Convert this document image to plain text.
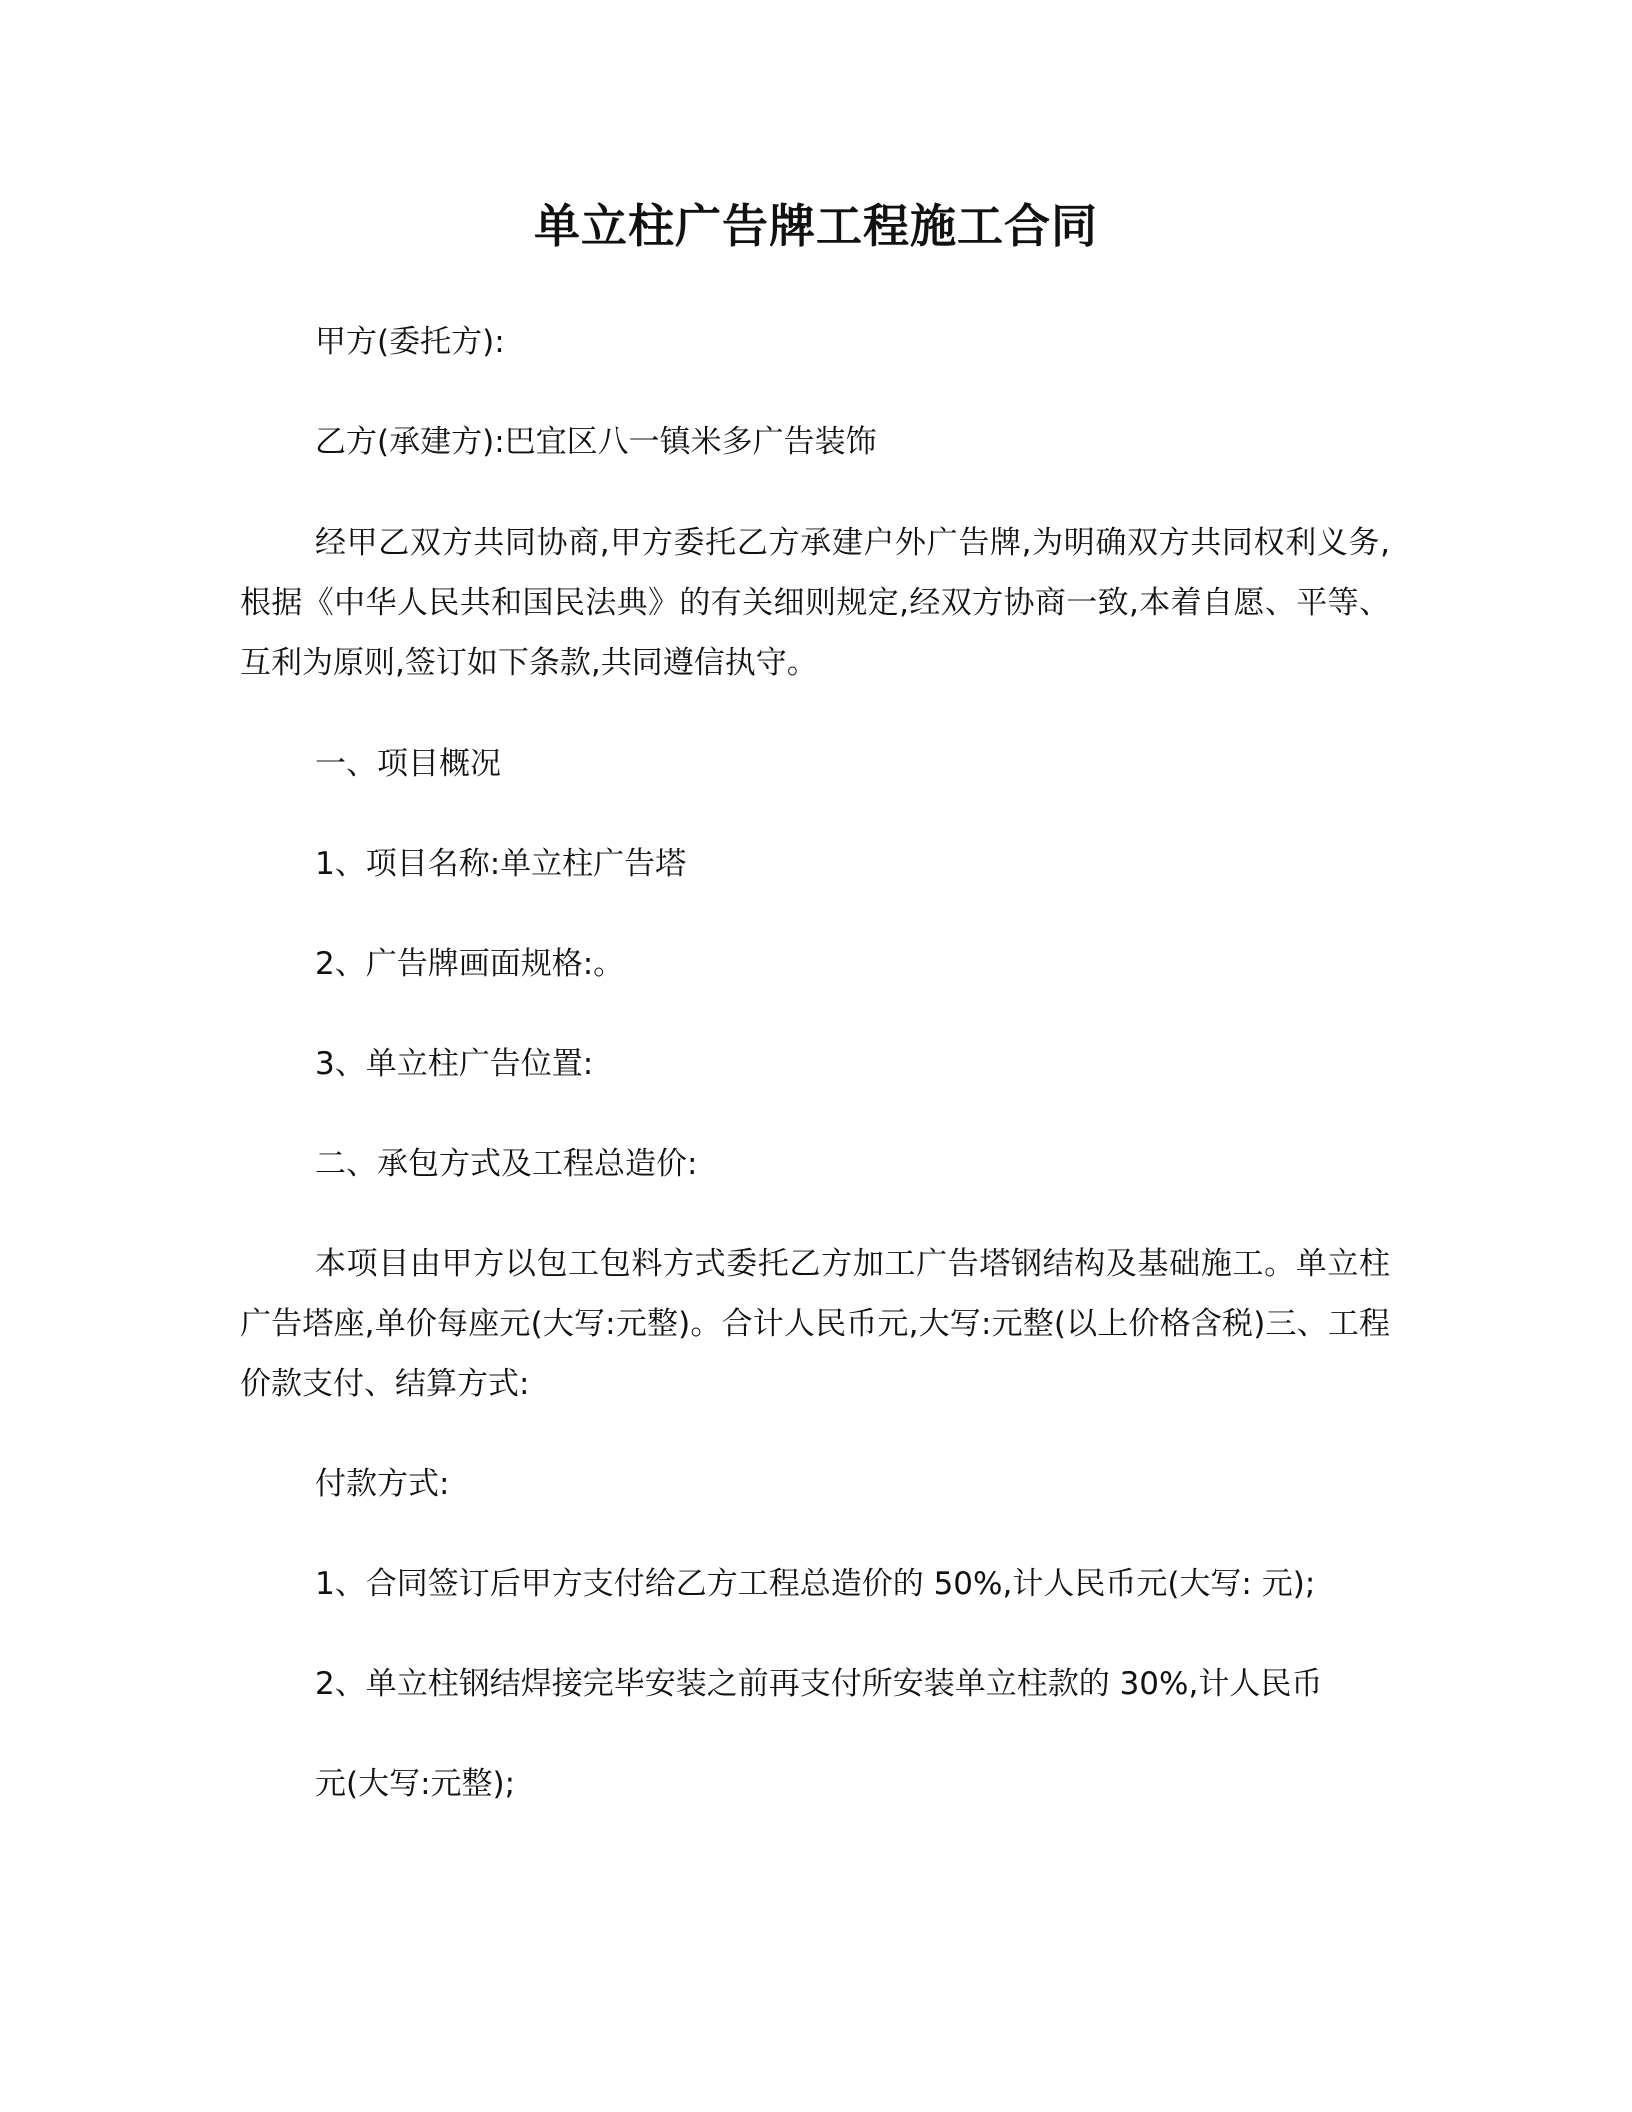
单立柱广告牌工程施工合同
甲方(委托方):
乙方(承建方):巴宜区八一镇米多广告装饰
经甲乙双方共同协商,甲方委托乙方承建户外广告牌,为明确双方共同权利义务,根据《中华人民共和国民法典》的有关细则规定,经双方协商一致,本着自愿、平等、互利为原则,签订如下条款,共同遵信执守。
一、项目概况
1、项目名称:单立柱广告塔
2、广告牌画面规格:。
3、单立柱广告位置:
二、承包方式及工程总造价:
本项目由甲方以包工包料方式委托乙方加工广告塔钢结构及基础施工。单立柱广告塔座,单价每座元(大写:元整)。合计人民币元,大写:元整(以上价格含税)三、工程价款支付、结算方式:
付款方式:
1、合同签订后甲方支付给乙方工程总造价的 50%,计人民币元(大写: 元);
2、单立柱钢结焊接完毕安装之前再支付所安装单立柱款的 30%,计人民币
元(大写:元整);
